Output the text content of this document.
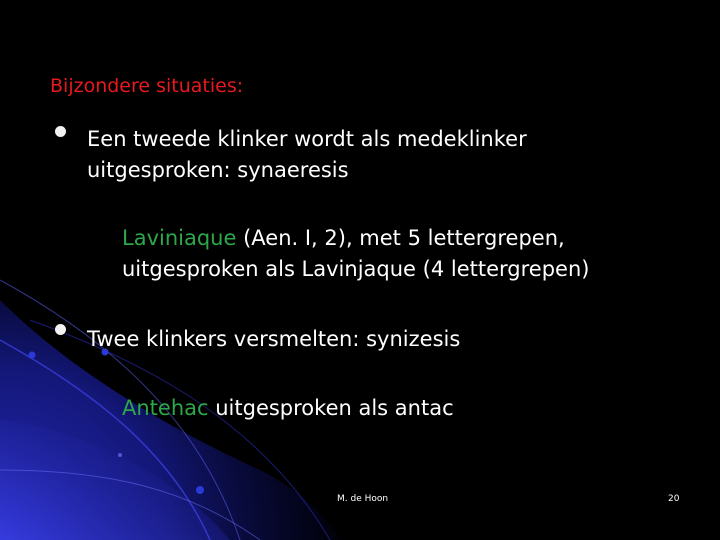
Bijzondere situaties:
Een tweede klinker wordt als medeklinker
uitgesproken: synaeresis
Laviniaque (Aen. I, 2), met 5 lettergrepen,
uitgesproken als Lavinjaque (4 lettergrepen)
Twee klinkers versmelten: synizesis
Antehac uitgesproken als antac
M. de Hoon	20
